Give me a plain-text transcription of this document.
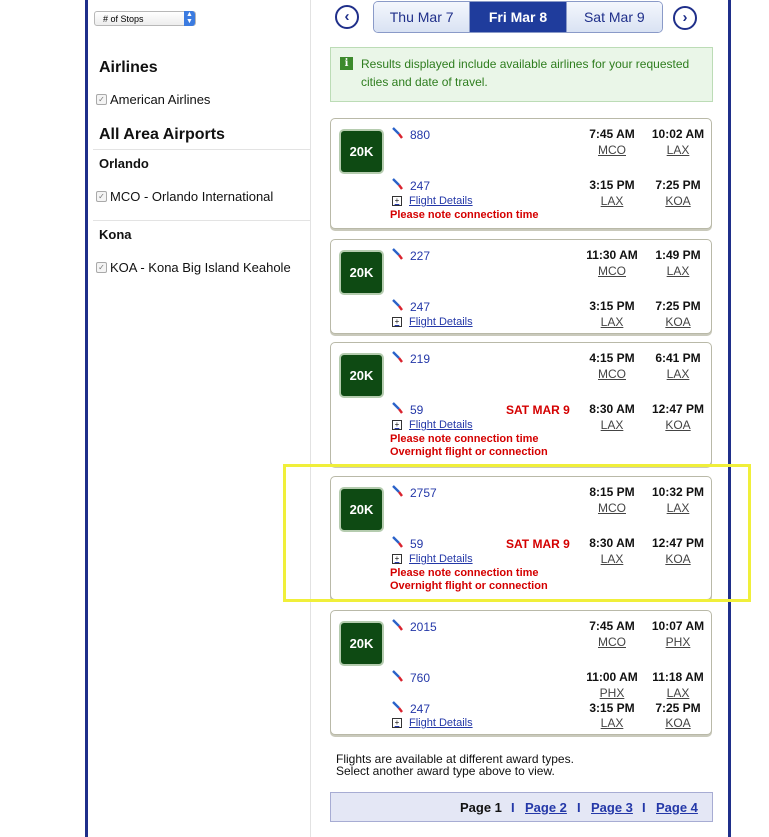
# of Stops	▲
▼
Airlines
✓ American Airlines
All Area Airports
Orlando
✓ MCO - Orlando International
Kona
✓ KOA - Kona Big Island Keahole
‹	Thu Mar 7	Fri Mar 8	Sat Mar 9	›
i	Results displayed include available airlines for your requested cities and date of travel.
20K
880	7:45 AM	10:02 AM
MCO	LAX
247	3:15 PM	7:25 PM
LAX	KOA
+ Flight Details
Please note connection time
20K
227	11:30 AM	1:49 PM
MCO	LAX
247	3:15 PM	7:25 PM
LAX	KOA
+ Flight Details
20K
219	4:15 PM	6:41 PM
MCO	LAX
59	SAT MAR 9	8:30 AM	12:47 PM
LAX	KOA
+ Flight Details
Please note connection time
Overnight flight or connection
20K
2757	8:15 PM	10:32 PM
MCO	LAX
59	SAT MAR 9	8:30 AM	12:47 PM
LAX	KOA
+ Flight Details
Please note connection time
Overnight flight or connection
20K
2015	7:45 AM	10:07 AM
MCO	PHX
760	11:00 AM	11:18 AM
PHX	LAX
247	3:15 PM	7:25 PM
LAX	KOA
+ Flight Details
Flights are available at different award types.
Select another award type above to view.
Page 1 I Page 2 I Page 3 I Page 4
